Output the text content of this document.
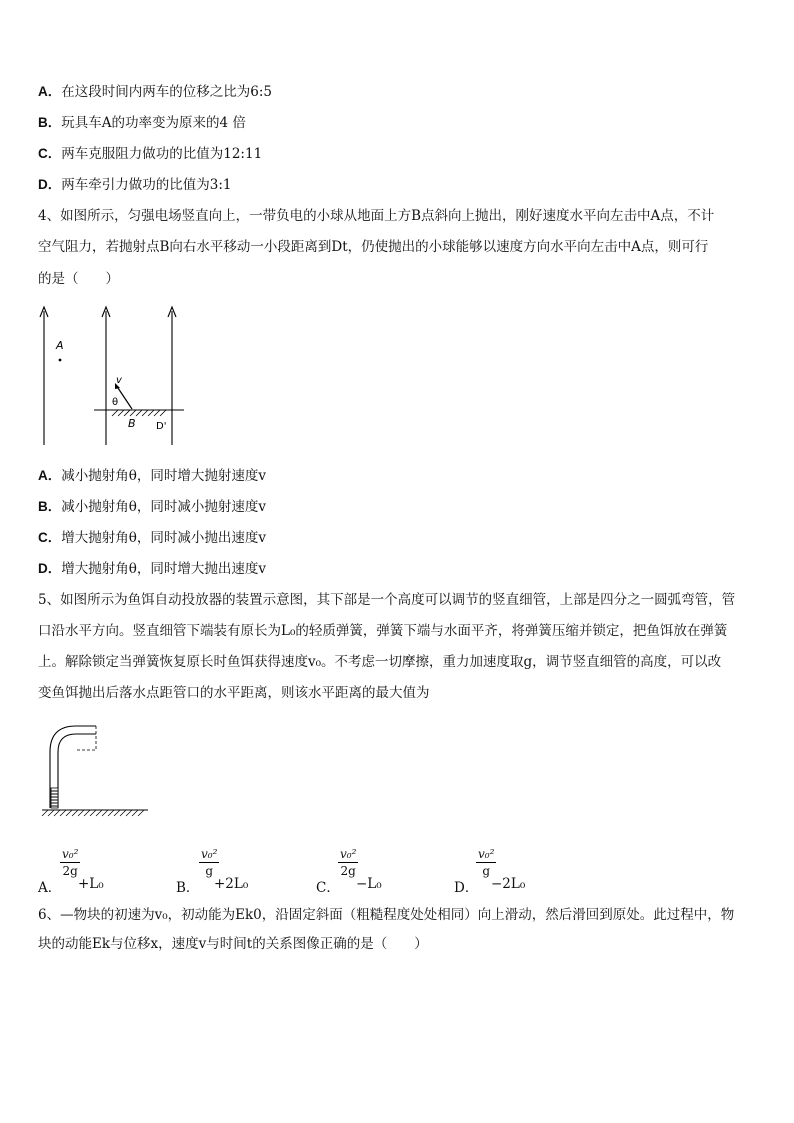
A．在这段时间内两车的位移之比为6:5
B．玩具车A的功率变为原来的4 倍
C．两车克服阻力做功的比值为12:11
D．两车牵引力做功的比值为3:1
4、如图所示，匀强电场竖直向上，一带负电的小球从地面上方B点斜向上抛出，刚好速度水平向左击中A点，不计
空气阻力，若抛射点B向右水平移动一小段距离到Dt，仍使抛出的小球能够以速度方向水平向左击中A点，则可行
的是（　　）
A
v
θ
B D'
A．减小抛射角θ，同时增大抛射速度v
B．减小抛射角θ，同时减小抛射速度v
C．增大抛射角θ，同时减小抛出速度v
D．增大抛射角θ，同时增大抛出速度v
5、如图所示为鱼饵自动投放器的装置示意图，其下部是一个高度可以调节的竖直细管，上部是四分之一圆弧弯管，管
口沿水平方向。竖直细管下端装有原长为L₀的轻质弹簧，弹簧下端与水面平齐，将弹簧压缩并锁定，把鱼饵放在弹簧
上。解除锁定当弹簧恢复原长时鱼饵获得速度v₀。不考虑一切摩擦，重力加速度取g，调节竖直细管的高度，可以改
变鱼饵抛出后落水点距管口的水平距离，则该水平距离的最大值为
A．
$\frac{\text{v₀²}}{2g}$
+L₀	B．
$\frac{\text{v₀²}}{g}$
+2L₀	C．
$\frac{\text{v₀²}}{2g}$
−L₀	D．
$\frac{\text{v₀²}}{g}$
−2L₀
6、—物块的初速为v₀，初动能为Ek0，沿固定斜面（粗糙程度处处相同）向上滑动，然后滑回到原处。此过程中，物
块的动能Ek与位移x，速度v与时间t的关系图像正确的是（　　）
